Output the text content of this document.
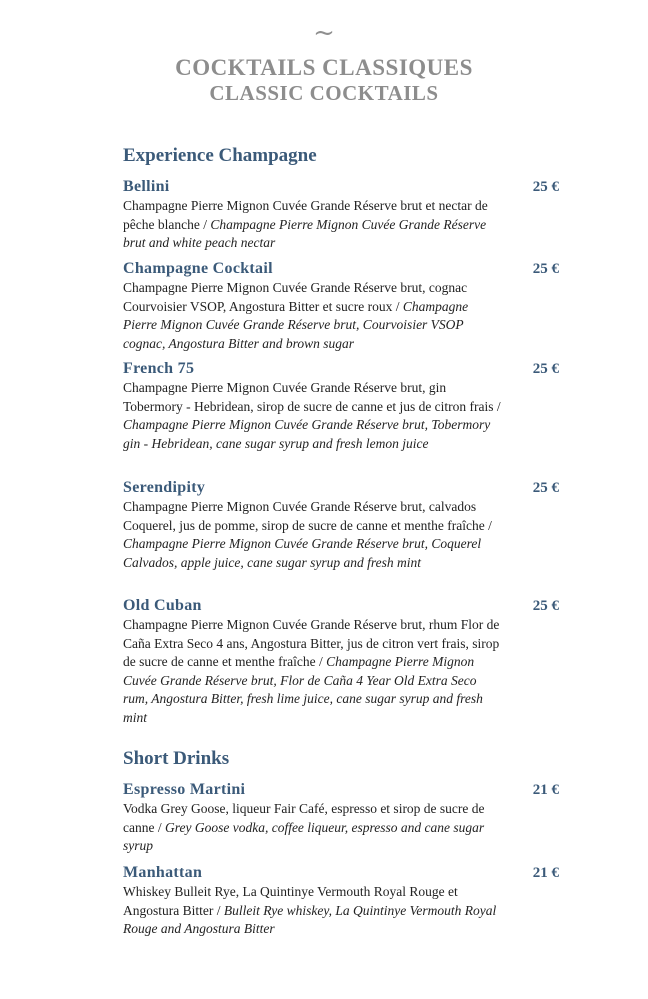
~
COCKTAILS CLASSIQUES
CLASSIC COCKTAILS
Experience Champagne
Bellini	25 €
Champagne Pierre Mignon Cuvée Grande Réserve brut et nectar de pêche blanche / Champagne Pierre Mignon Cuvée Grande Réserve brut and white peach nectar
Champagne Cocktail	25 €
Champagne Pierre Mignon Cuvée Grande Réserve brut, cognac Courvoisier VSOP, Angostura Bitter et sucre roux / Champagne Pierre Mignon Cuvée Grande Réserve brut, Courvoisier VSOP cognac, Angostura Bitter and brown sugar
French 75	25 €
Champagne Pierre Mignon Cuvée Grande Réserve brut, gin Tobermory - Hebridean, sirop de sucre de canne et jus de citron frais / Champagne Pierre Mignon Cuvée Grande Réserve brut, Tobermory gin - Hebridean, cane sugar syrup and fresh lemon juice
Serendipity	25 €
Champagne Pierre Mignon Cuvée Grande Réserve brut, calvados Coquerel, jus de pomme, sirop de sucre de canne et menthe fraîche / Champagne Pierre Mignon Cuvée Grande Réserve brut, Coquerel Calvados, apple juice, cane sugar syrup and fresh mint
Old Cuban	25 €
Champagne Pierre Mignon Cuvée Grande Réserve brut, rhum Flor de Caña Extra Seco 4 ans, Angostura Bitter, jus de citron vert frais, sirop de sucre de canne et menthe fraîche / Champagne Pierre Mignon Cuvée Grande Réserve brut, Flor de Caña 4 Year Old Extra Seco rum, Angostura Bitter, fresh lime juice, cane sugar syrup and fresh mint
Short Drinks
Espresso Martini	21 €
Vodka Grey Goose, liqueur Fair Café, espresso et sirop de sucre de canne / Grey Goose vodka, coffee liqueur, espresso and cane sugar syrup
Manhattan	21 €
Whiskey Bulleit Rye, La Quintinye Vermouth Royal Rouge et Angostura Bitter / Bulleit Rye whiskey, La Quintinye Vermouth Royal Rouge and Angostura Bitter
